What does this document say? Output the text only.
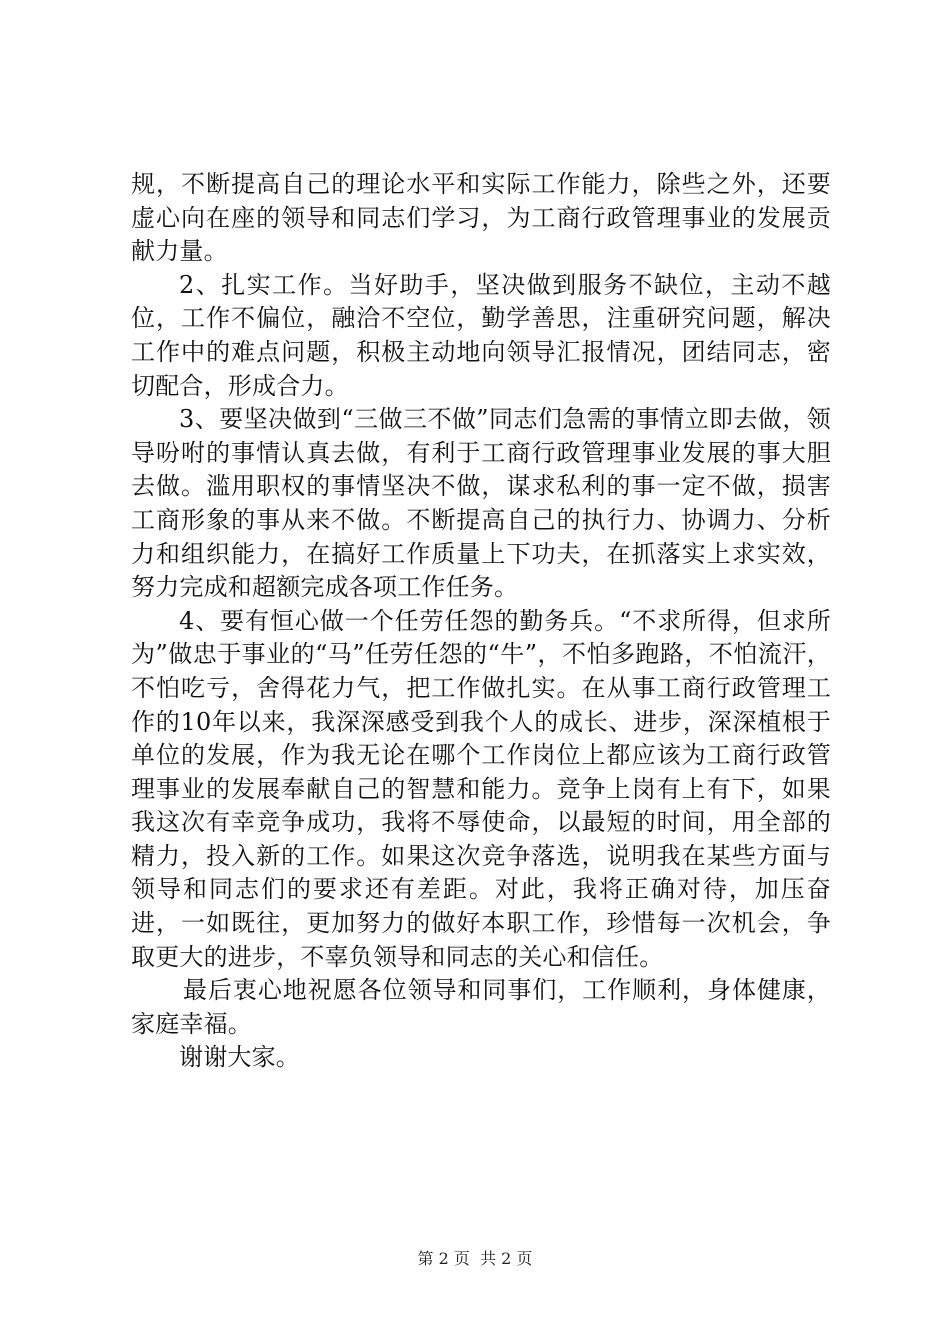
规，不断提高自己的理论水平和实际工作能力，除些之外，还要虚心向在座的领导和同志们学习，为工商行政管理事业的发展贡献力量。

2、扎实工作。当好助手，坚决做到服务不缺位，主动不越位，工作不偏位，融洽不空位，勤学善思，注重研究问题，解决工作中的难点问题，积极主动地向领导汇报情况，团结同志，密切配合，形成合力。

3、要坚决做到“三做三不做”同志们急需的事情立即去做，领导吩咐的事情认真去做，有利于工商行政管理事业发展的事大胆去做。滥用职权的事情坚决不做，谋求私利的事一定不做，损害工商形象的事从来不做。不断提高自己的执行力、协调力、分析力和组织能力，在搞好工作质量上下功夫，在抓落实上求实效，努力完成和超额完成各项工作任务。

4、要有恒心做一个任劳任怨的勤务兵。“不求所得，但求所为”做忠于事业的“马”任劳任怨的“牛”，不怕多跑路，不怕流汗，不怕吃亏，舍得花力气，把工作做扎实。在从事工商行政管理工作的10年以来，我深深感受到我个人的成长、进步，深深植根于单位的发展，作为我无论在哪个工作岗位上都应该为工商行政管理事业的发展奉献自己的智慧和能力。竞争上岗有上有下，如果我这次有幸竞争成功，我将不辱使命，以最短的时间，用全部的精力，投入新的工作。如果这次竞争落选，说明我在某些方面与领导和同志们的要求还有差距。对此，我将正确对待，加压奋进，一如既往，更加努力的做好本职工作，珍惜每一次机会，争取更大的进步，不辜负领导和同志的关心和信任。

最后衷心地祝愿各位领导和同事们，工作顺利，身体健康，家庭幸福。

谢谢大家。

第 2 页  共 2 页
